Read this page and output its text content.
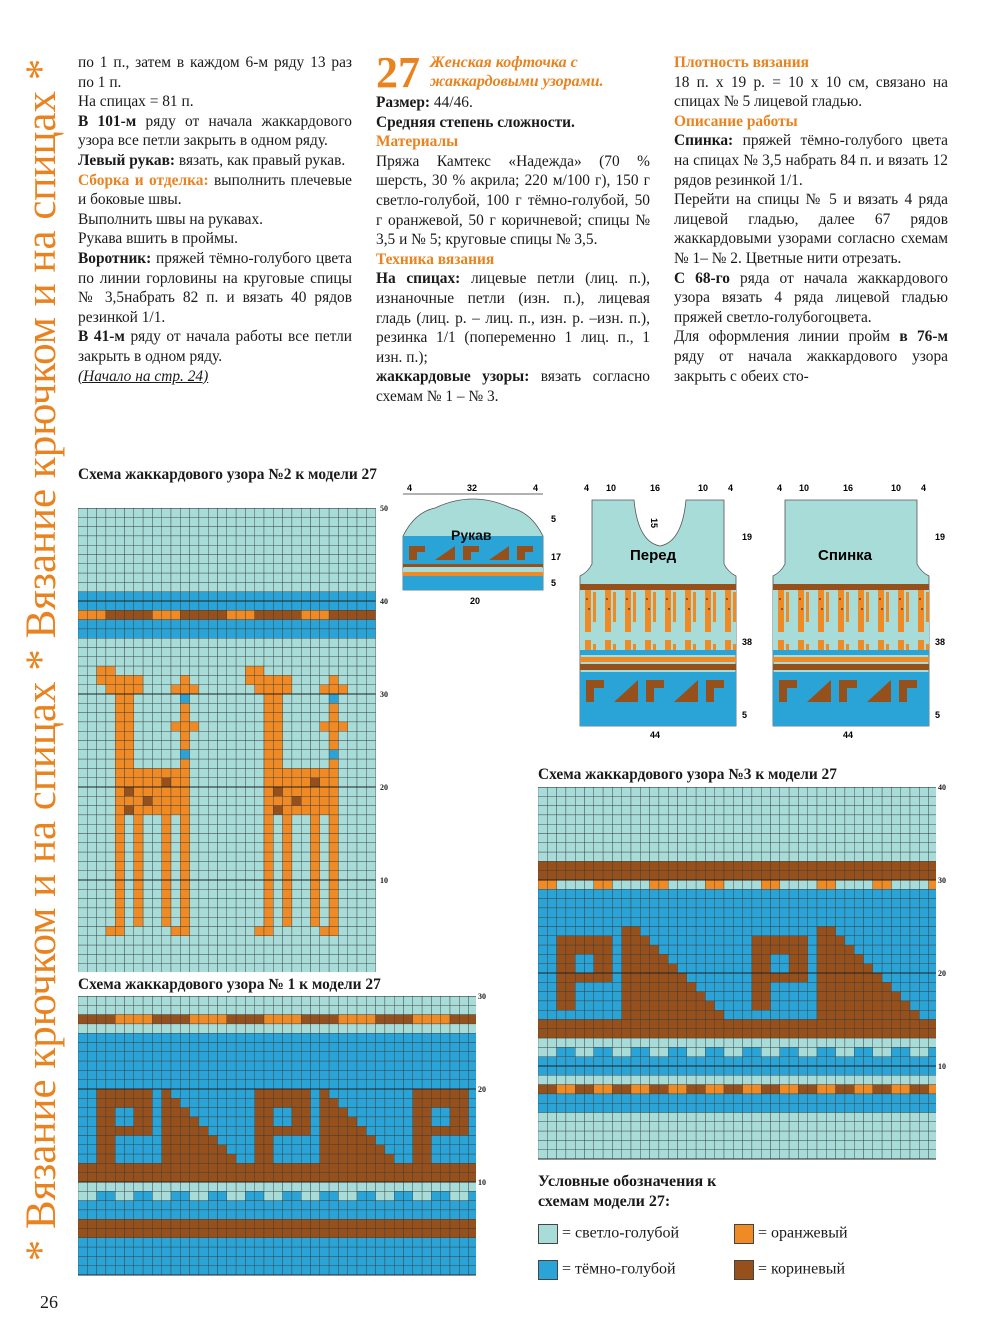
* Вязание крючком и на спицах * Вязание крючком и на спицах * по 1 п., затем в каждом 6-м ряду 13 раз по 1 п.

На спицах = 81 п.

В 101-м ряду от начала жаккардового узора все петли закрыть в одном ряду.

Левый рукав: вязать, как правый рукав.

Сборка и отделка: выполнить плечевые и боковые швы.

Выполнить швы на рукавах.

Рукава вшить в проймы.

Воротник: пряжей тёмно-голубого цвета по линии горловины на круговые спицы № 3,5набрать 82 п. и вязать 40 рядов резинкой 1/1.

В 41-м ряду от начала работы все петли закрыть в одном ряду.

(Начало на стр. 24)

27 Женская кофточка с жаккардовыми узорами.

Размер: 44/46.

Средняя степень сложности.

Материалы

Пряжа Камтекс «Надежда» (70 % шерсть, 30 % акрила; 220 м/100 г), 150 г светло-голубой, 100 г тёмно-голубой, 50 г оранжевой, 50 г коричневой; спицы № 3,5 и № 5; круговые спицы № 3,5.

Техника вязания

На спицах: лицевые петли (лиц. п.), изнаночные петли (изн. п.), лицевая гладь (лиц. р. – лиц. п., изн. р. –изн. п.), резинка 1/1 (попеременно 1 лиц. п., 1 изн. п.);

жаккардовые узоры: вязать согласно схемам № 1 – № 3.

Плотность вязания

18 п. х 19 р. = 10 х 10 см, связано на спицах № 5 лицевой гладью.

Описание работы

Спинка: пряжей тёмно-голубого цвета на спицах № 3,5 набрать 84 п. и вязать 12 рядов резинкой 1/1.

Перейти на спицы № 5 и вязать 4 ряда лицевой гладью, далее 67 рядов жаккардовыми узорами согласно схемам № 1– № 2. Цветные нити отрезать.

С 68-го ряда от начала жаккардового узора вязать 4 ряда лицевой гладью пряжей светло-голубогоцвета.

Для оформления линии пройм в 76-м ряду от начала жаккардового узора закрыть с обеих сто-

Схема жаккардового узора №2 к модели 27
Схема жаккардового узора № 1 к модели 27
Схема жаккардового узора №3 к модели 27
50
40
30
20
10
30
20
10
40
30
20
10
4	32	4
Рукав
20
5
17
5
4 10	16	10 4
15
Перед
44
19
38
5
4 10	16	10 4
Спинка
44
19
38
5
Условные обозначения к схемам модели 27:
= светло-голубой	= оранжевый
= тёмно-голубой	= кориневый
26
